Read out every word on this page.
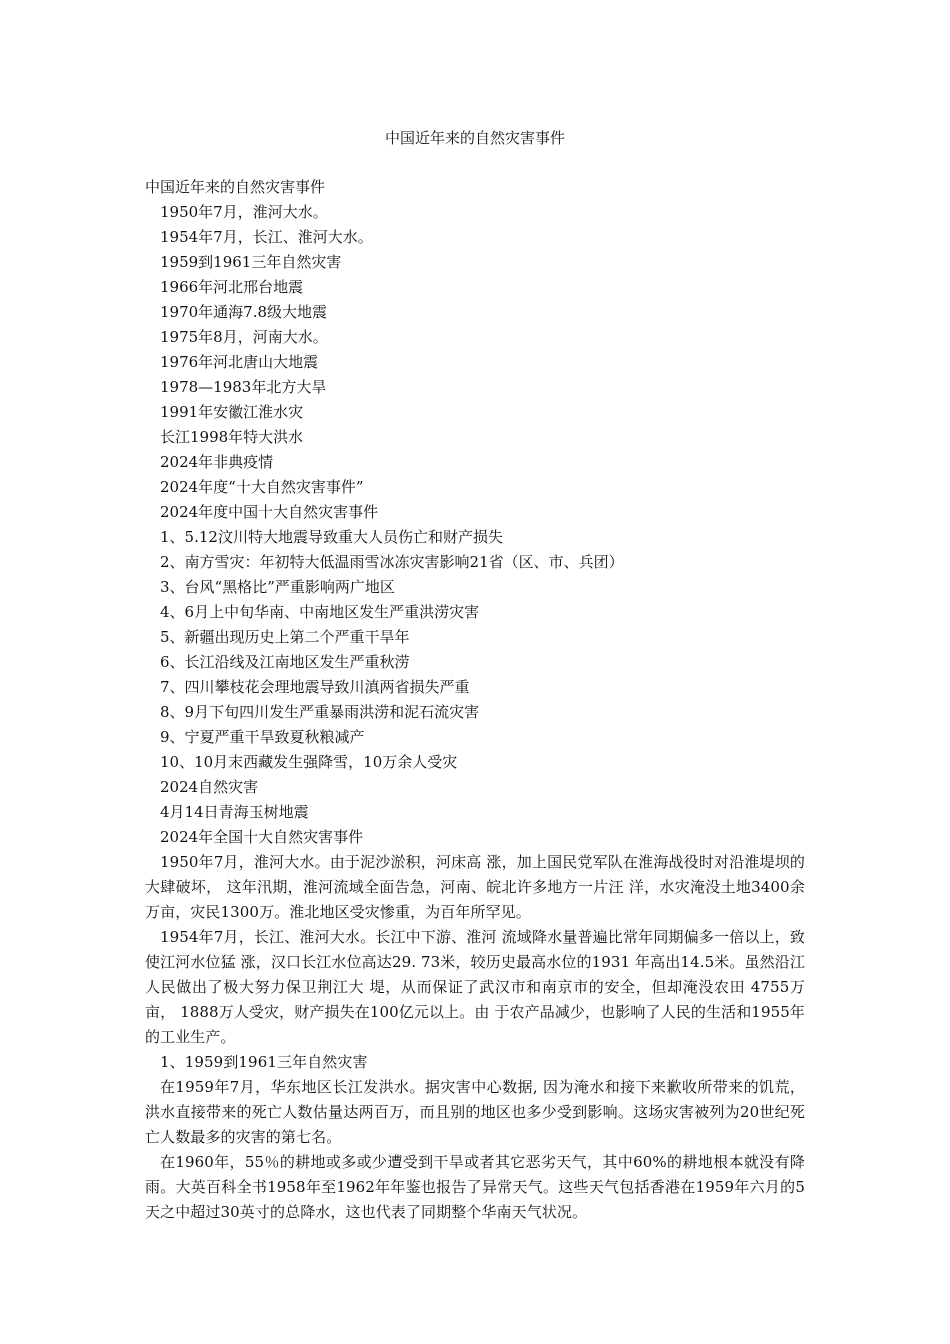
中国近年来的自然灾害事件
中国近年来的自然灾害事件
1950年7月，淮河大水。
1954年7月，长江、淮河大水。
1959到1961三年自然灾害
1966年河北邢台地震
1970年通海7.8级大地震
1975年8月，河南大水。
1976年河北唐山大地震
1978—1983年北方大旱
1991年安徽江淮水灾
长江1998年特大洪水
2024年非典疫情
2024年度“十大自然灾害事件”
2024年度中国十大自然灾害事件
1、5.12汶川特大地震导致重大人员伤亡和财产损失
2、南方雪灾：年初特大低温雨雪冰冻灾害影响21省（区、市、兵团）
3、台风“黑格比”严重影响两广地区
4、6月上中旬华南、中南地区发生严重洪涝灾害
5、新疆出现历史上第二个严重干旱年
6、长江沿线及江南地区发生严重秋涝
7、四川攀枝花会理地震导致川滇两省损失严重
8、9月下旬四川发生严重暴雨洪涝和泥石流灾害
9、宁夏严重干旱致夏秋粮减产
10、10月末西藏发生强降雪，10万余人受灾
2024自然灾害
4月14日青海玉树地震
2024年全国十大自然灾害事件

1950年7月，淮河大水。由于泥沙淤积，河床高 涨，加上国民党军队在淮海战役时对沿淮堤坝的大肆破坏， 这年汛期，淮河流域全面告急，河南、皖北许多地方一片汪 洋，水灾淹没土地3400余万亩，灾民1300万。淮北地区受灾惨重，为百年所罕见。

1954年7月，长江、淮河大水。长江中下游、淮河 流域降水量普遍比常年同期偏多一倍以上，致使江河水位猛 涨，汉口长江水位高达29. 73米，较历史最高水位的1931 年高出14.5米。虽然沿江人民做出了极大努力保卫荆江大 堤，从而保证了武汉市和南京市的安全，但却淹没农田 4755万亩， 1888万人受灾，财产损失在100亿元以上。由 于农产品减少，也影响了人民的生活和1955年的工业生产。

1、1959到1961三年自然灾害

在1959年7月，华东地区长江发洪水。据灾害中心数据, 因为淹水和接下来歉收所带来的饥荒，洪水直接带来的死亡人数估量达两百万，而且别的地区也多少受到影响。这场灾害被列为20世纪死亡人数最多的灾害的第七名。

在1960年，55％的耕地或多或少遭受到干旱或者其它恶劣天气，其中60%的耕地根本就没有降雨。大英百科全书1958年至1962年年鉴也报告了异常天气。这些天气包括香港在1959年六月的5天之中超过30英寸的总降水，这也代表了同期整个华南天气状况。
